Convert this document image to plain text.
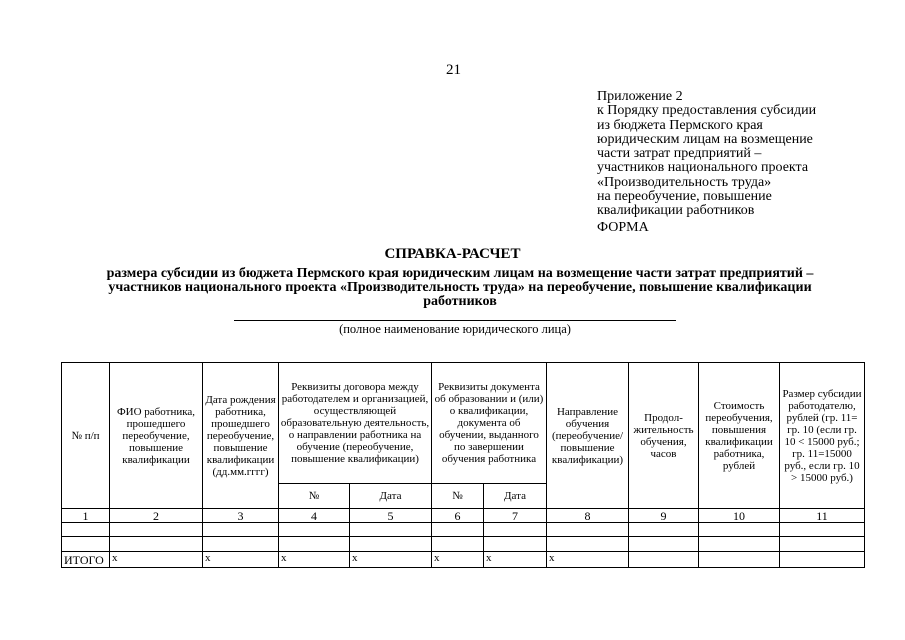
21
Приложение 2
к Порядку предоставления субсидии
из бюджета Пермского края
юридическим лицам на возмещение
части затрат предприятий –
участников национального проекта
«Производительность труда»
на переобучение, повышение
квалификации работников
ФОРМА
СПРАВКА-РАСЧЕТ
размера субсидии из бюджета Пермского края юридическим лицам на возмещение части затрат предприятий – участников национального проекта «Производительность труда» на переобучение, повышение квалификации работников
(полное наименование юридического лица)
№ п/п	ФИО работника, прошедшего переобучение, повышение квалификации	Дата рождения работника, прошедшего переобучение, повышение квалификации (дд.мм.гггг)	Реквизиты договора между работодателем и организацией, осуществляющей образовательную деятельность, о направлении работника на обучение (переобучение, повышение квалификации)		Реквизиты документа об образовании и (или) о квалификации, документа об обучении, выданного по завершении обучения работника		Направление обучения (переобучение/ повышение квалификации)	Продол-жительность обучения, часов	Стоимость переобучения, повышения квалификации работника, рублей	Размер субсидии работодателю, рублей (гр. 11= гр. 10 (если гр. 10 < 15000 руб.; гр. 11=15000 руб., если гр. 10 > 15000 руб.)
			№	Дата	№	Дата				
1	2	3	4	5	6	7	8	9	10	11

ИТОГО	x	x	x	x	x	x	x			
